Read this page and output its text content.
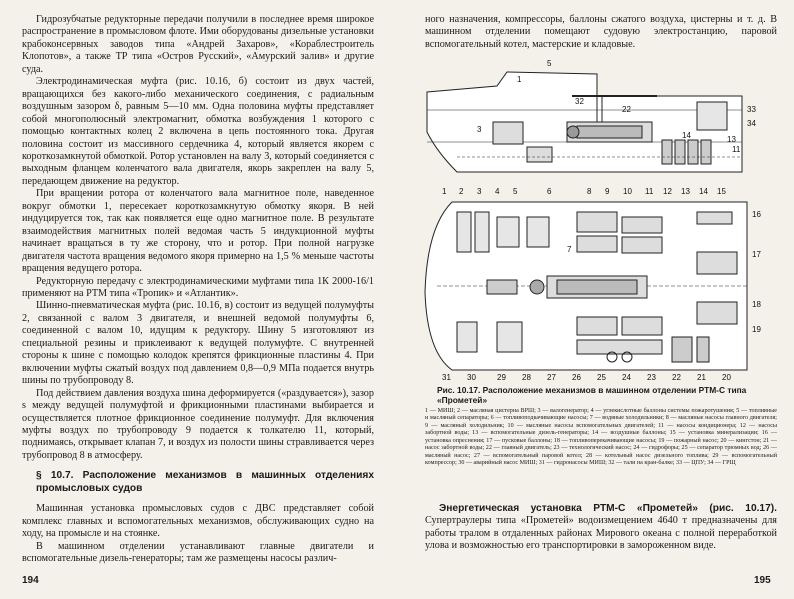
Гидрозубчатые редукторные передачи получили в последнее время широкое распространение в промысловом флоте. Ими оборудованы дизельные установки крабоконсервных заводов типа «Андрей Захаров», «Кораблестроитель Клопотов», а также ТР типа «Остров Русский», «Амурский залив» и другие суда.

Электродинамическая муфта (рис. 10.16, б) состоит из двух частей, вращающихся без какого-либо механического соединения, с радиальным воздушным зазором δ, равным 5—10 мм. Одна половина муфты представляет собой многополюсный электромагнит, обмотка возбуждения 1 которого с помощью контактных колец 2 включена в цепь постоянного тока. Другая половина состоит из массивного сердечника 4, который является якорем с короткозамкнутой обмоткой. Ротор установлен на валу 3, который соединяется с выходным фланцем коленчатого вала двигателя, якорь закреплен на валу 5, передающем движение на редуктор.

При вращении ротора от коленчатого вала магнитное поле, наведенное вокруг обмотки 1, пересекает короткозамкнутую обмотку якоря. В ней индуцируется ток, так как появляется еще одно магнитное поле. В результате взаимодействия магнитных полей ведомая часть 5 индукционной муфты начинает вращаться в ту же сторону, что и ротор. При полной нагрузке двигателя частота вращения ведомого якоря примерно на 1,5 % меньше частоты вращения ведущего ротора.

Редукторную передачу с электродинамическими муфтами типа 1К 2000-16/1 применяют на РТМ типа «Тропик» и «Атлантик».

Шинно-пневматическая муфта (рис. 10.16, в) состоит из ведущей полумуфты 2, связанной с валом 3 двигателя, и внешней ведомой полумуфты 6, соединенной с валом 10, идущим к редуктору. Шину 5 изготовляют из специальной резины и приклеивают к ведущей полумуфте. С внутренней стороны к шине с помощью колодок крепятся фрикционные пластины 4. При включении муфты сжатый воздух под давлением 0,8—0,9 МПа подается внутрь шины по трубопроводу 8.

Под действием давления воздуха шина деформируется («раздувается»), зазор s между ведущей полумуфтой и фрикционными пластинами выбирается и осуществляется плотное фрикционное соединение полумуфт. Для включения муфты воздух по трубопроводу 9 подается к толкателю 11, который, поднимаясь, открывает клапан 7, и воздух из полости шины стравливается через трубопровод 8 в атмосферу.

§ 10.7. Расположение механизмов в машинных отделениях промысловых судов

Машинная установка промысловых судов с ДВС представляет собой комплекс главных и вспомогательных механизмов, обслуживающих судно на ходу, на промысле и на стоянке.

В машинном отделении устанавливают главные двигатели и вспомогательные дизель-генераторы; там же размещены насосы различ-

194

ного назначения, компрессоры, баллоны сжатого воздуха, цистерны и т. д. В машинном отделении помещают судовую электростанцию, паровой вспомогательный котел, мастерские и кладовые.

5
32
22	33
34
14
11
13
1
3
1 2 3 4 5	6	8 9 10 11 12 13 14 15
16
17
18
19
7
31 30	29 28 27 26 25 24 23 22 21 20
Рис. 10.17. Расположение механизмов в машинном отделении РТМ-С типа «Прометей»
1 — МИШ; 2 — масляная цистерна ВРШ; 3 — валогенератор; 4 — углекислотные баллоны системы пожаротушения; 5 — топливные и масляный сепараторы; 6 — топливоподкачивающие насосы; 7 — водяные холодильники; 8 — масляные насосы главного двигателя; 9 — масляный холодильник; 10 — масляные насосы вспомогательных двигателей; 11 — насосы кондиционера; 12 — насосы забортной воды; 13 — вспомогательные дизель-генераторы; 14 — воздушные баллоны; 15 — установка минерализации; 16 — установка опреснения; 17 — пусковые баллоны; 18 — топливоперекачивающие насосы; 19 — пожарный насос; 20 — кингстон; 21 — насос забортной воды; 22 — главный двигатель; 23 — технологический насос; 24 — гидрофоры; 25 — сепаратор трюмных вод; 26 — масляный насос; 27 — вспомогательный паровой котел; 28 — котельный насос дизельного топлива; 29 — вспомогательный компрессор; 30 — аварийный насос МИШ; 31 — гидронасосы МИШ; 32 — тали на кран-балке; 33 — ЦПУ; 34 — ГРЩ

Энергетическая установка РТМ-С «Прометей» (рис. 10.17). Супертраулеры типа «Прометей» водоизмещением 4640 т предназначены для работы тралом в отдаленных районах Мирового океана с полной переработкой улова и возможностью его транспортировки в замороженном виде.

195
